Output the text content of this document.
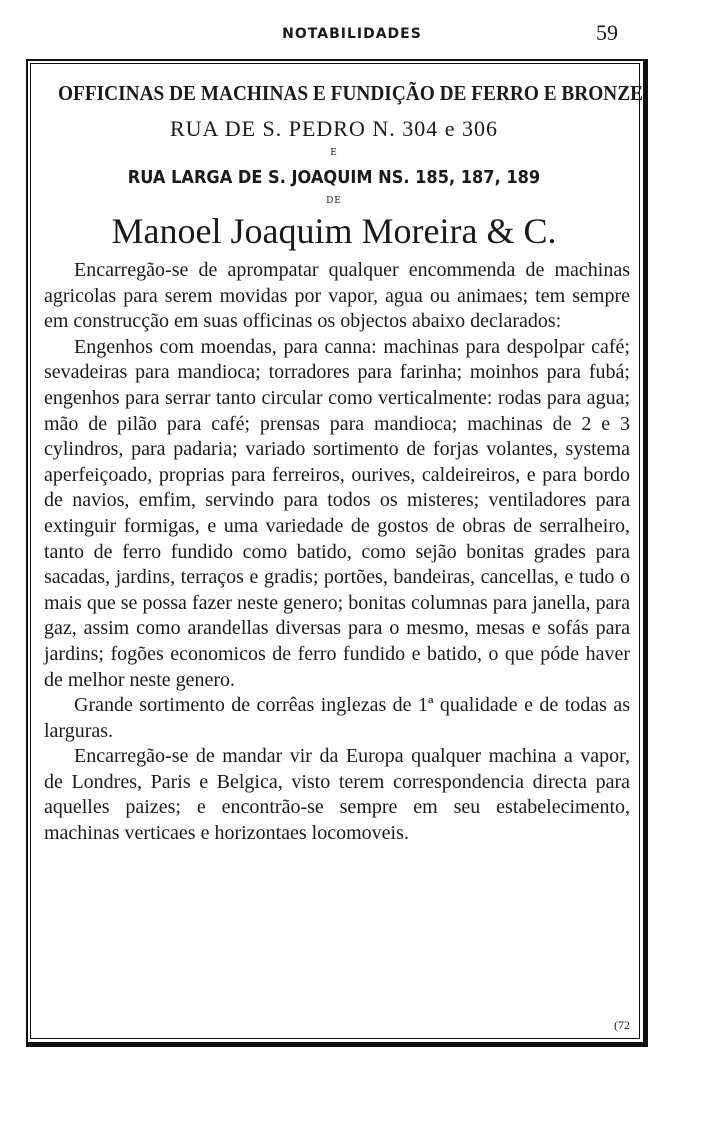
NOTABILIDADES	59
OFFICINAS DE MACHINAS E FUNDIÇÃO DE FERRO E BRONZE
RUA DE S. PEDRO N. 304 e 306
E
RUA LARGA DE S. JOAQUIM NS. 185, 187, 189
DE
Manoel Joaquim Moreira & C.

Encarregão-se de aprompatar qualquer encommenda de machinas agricolas para serem movidas por vapor, agua ou animaes; tem sempre em construcção em suas officinas os objectos abaixo declarados:

Engenhos com moendas, para canna: machinas para despolpar café; sevadeiras para mandioca; torradores para farinha; moinhos para fubá; engenhos para serrar tanto circular como verticalmente: rodas para agua; mão de pilão para café; prensas para mandioca; machinas de 2 e 3 cylindros, para padaria; variado sortimento de forjas volantes, systema aperfeiçoado, proprias para ferreiros, ourives, caldeireiros, e para bordo de navios, emfim, servindo para todos os misteres; ventiladores para extinguir formigas, e uma variedade de gostos de obras de serralheiro, tanto de ferro fundido como batido, como sejão bonitas grades para sacadas, jardins, terraços e gradis; portões, bandeiras, cancellas, e tudo o mais que se possa fazer neste genero; bonitas columnas para janella, para gaz, assim como arandellas diversas para o mesmo, mesas e sofás para jardins; fogões economicos de ferro fundido e batido, o que póde haver de melhor neste genero.

Grande sortimento de corrêas inglezas de 1ª qualidade e de todas as larguras.

Encarregão-se de mandar vir da Europa qualquer machina a vapor, de Londres, Paris e Belgica, visto terem correspondencia directa para aquelles paizes; e encontrão-se sempre em seu estabelecimento, machinas verticaes e horizontaes locomoveis.

(72
